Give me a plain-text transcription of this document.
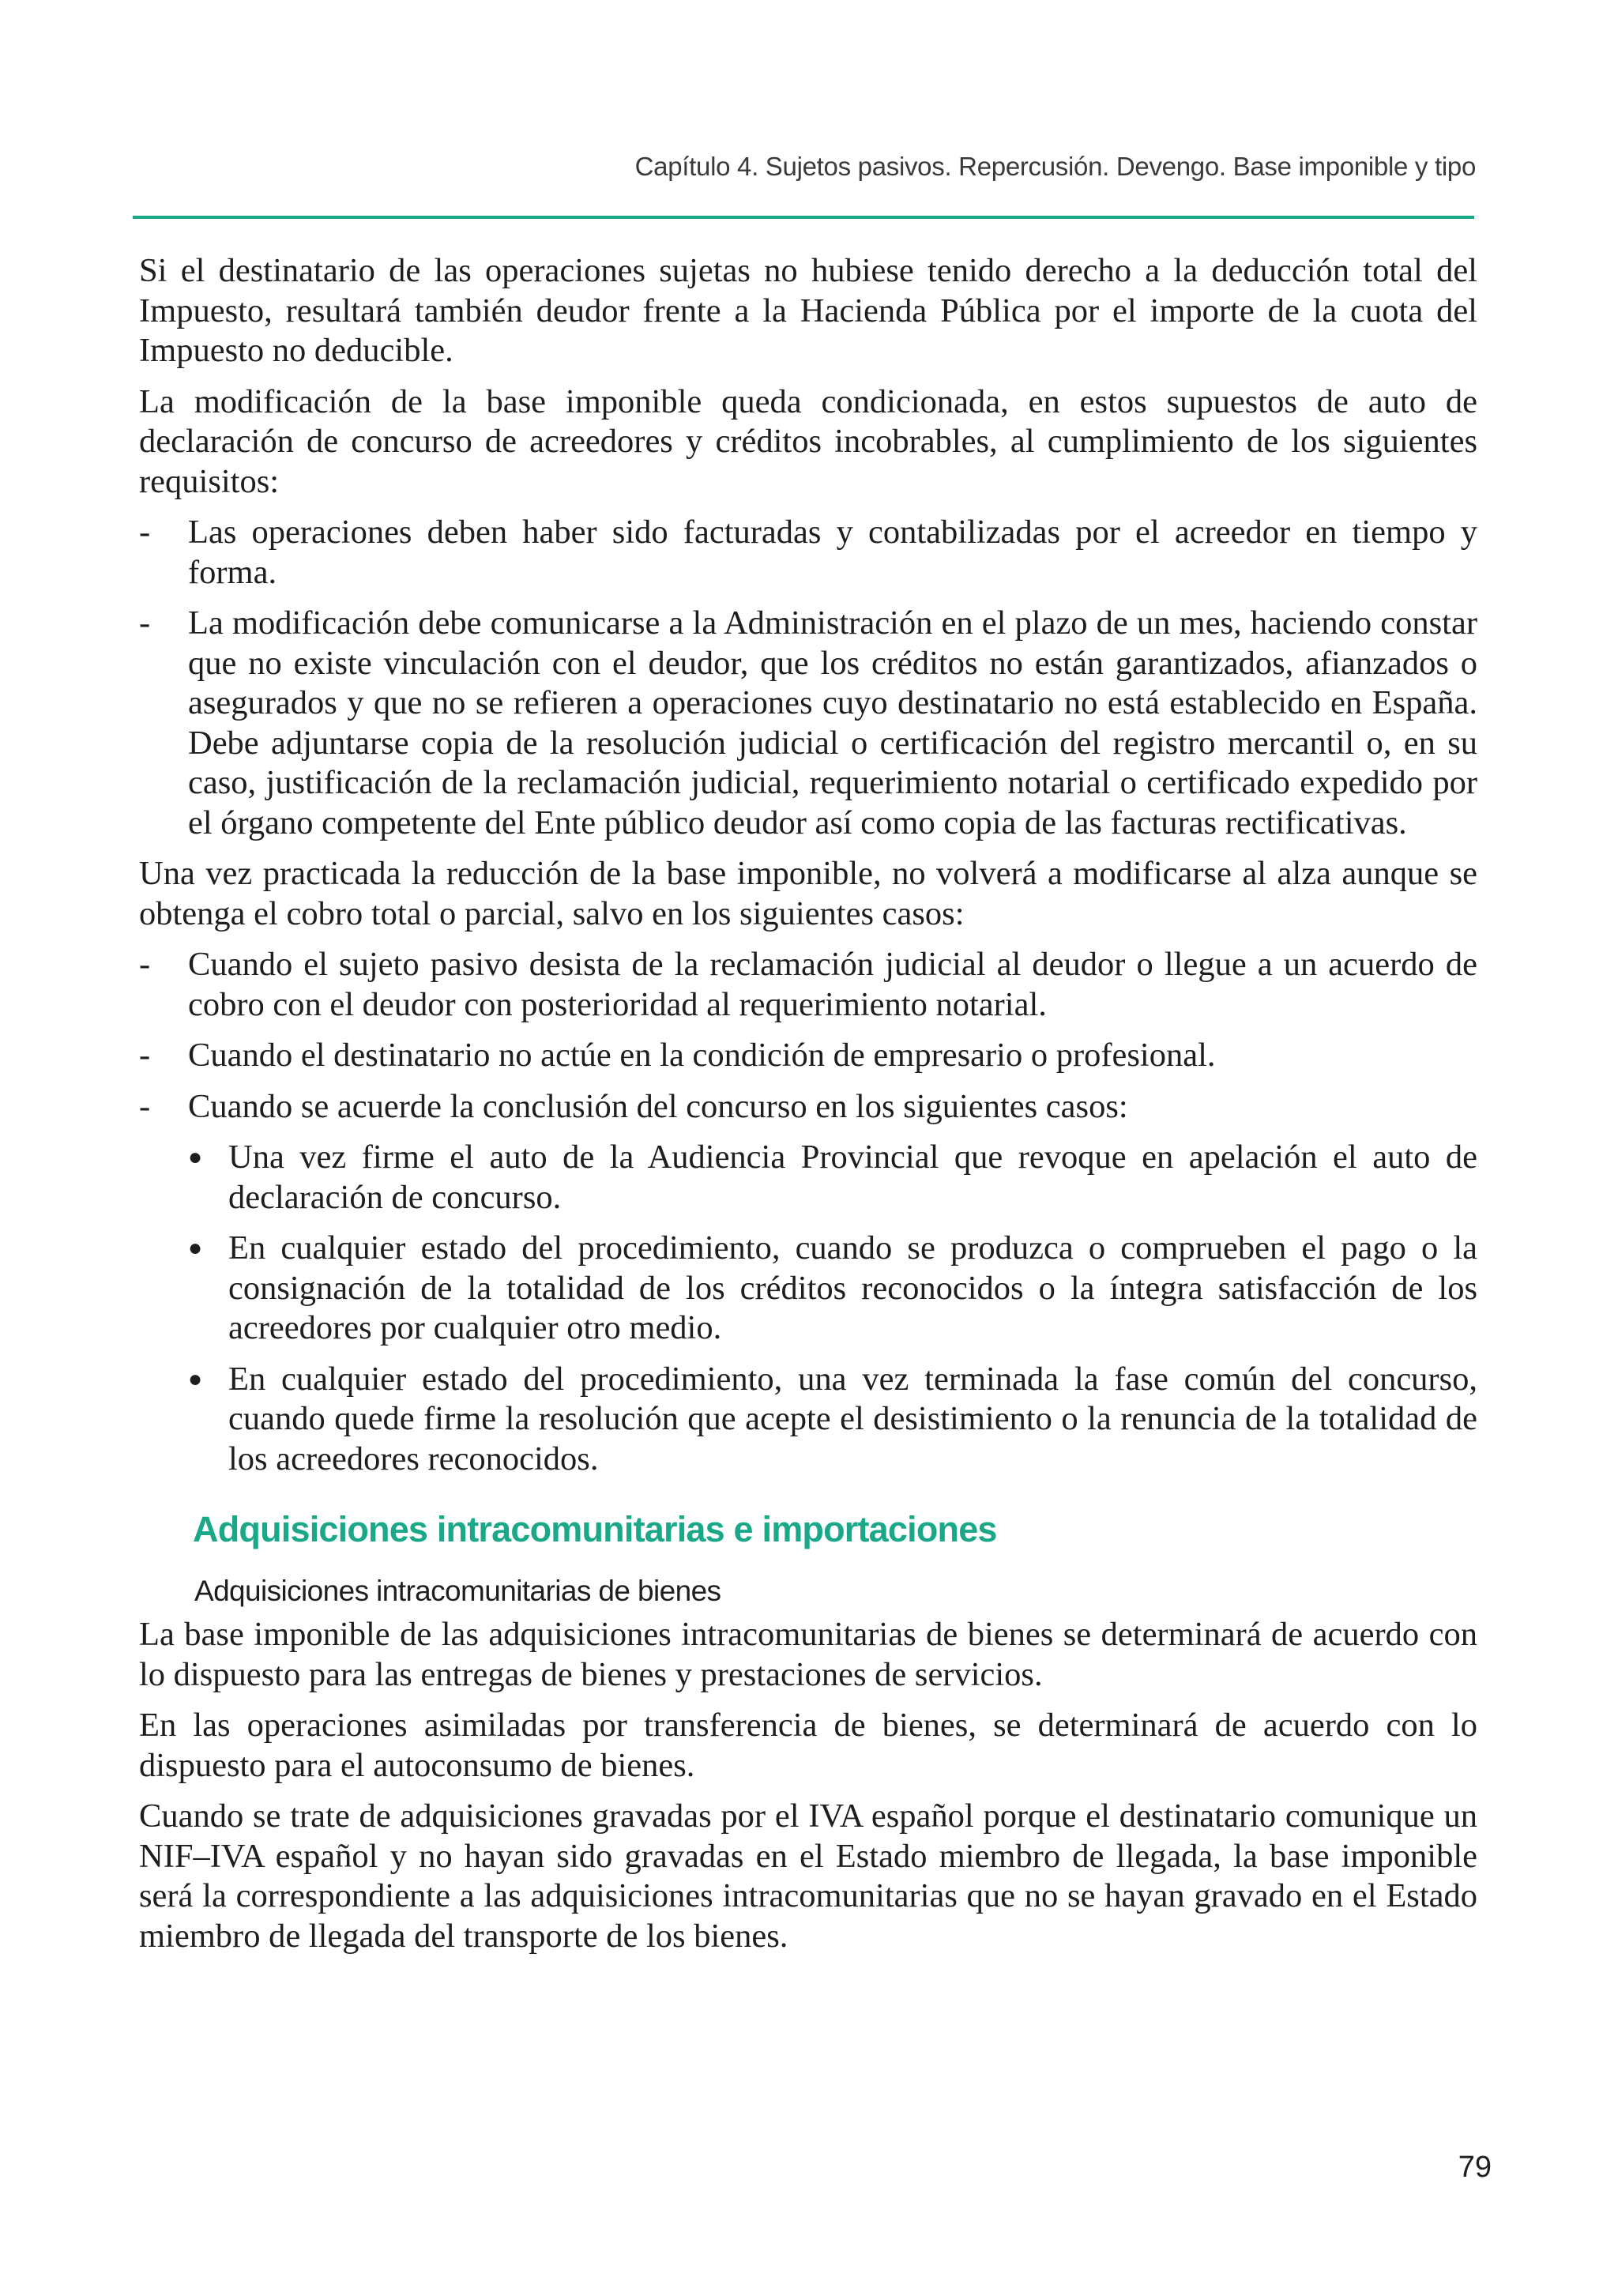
Capítulo 4. Sujetos pasivos. Repercusión. Devengo. Base imponible y tipo

Si el destinatario de las operaciones sujetas no hubiese tenido derecho a la deducción total del Impuesto, resultará también deudor frente a la Hacienda Pública por el importe de la cuota del Impuesto no deducible.

La modificación de la base imponible queda condicionada, en estos supuestos de auto de declaración de concurso de acreedores y créditos incobrables, al cumplimiento de los siguientes requisitos:

- Las operaciones deben haber sido facturadas y contabilizadas por el acreedor en tiempo y forma.
- La modificación debe comunicarse a la Administración en el plazo de un mes, haciendo constar que no existe vinculación con el deudor, que los créditos no están garantizados, afianzados o asegurados y que no se refieren a operaciones cuyo destinatario no está establecido en España. Debe adjuntarse copia de la resolución judicial o certificación del registro mercantil o, en su caso, justificación de la reclamación judicial, requerimiento notarial o certificado expedido por el órgano competente del Ente público deudor así como copia de las facturas rectificativas.

Una vez practicada la reducción de la base imponible, no volverá a modificarse al alza aunque se obtenga el cobro total o parcial, salvo en los siguientes casos:

- Cuando el sujeto pasivo desista de la reclamación judicial al deudor o llegue a un acuerdo de cobro con el deudor con posterioridad al requerimiento notarial.
- Cuando el destinatario no actúe en la condición de empresario o profesional.
- Cuando se acuerde la conclusión del concurso en los siguientes casos:
● Una vez firme el auto de la Audiencia Provincial que revoque en apelación el auto de declaración de concurso.
● En cualquier estado del procedimiento, cuando se produzca o comprueben el pago o la consignación de la totalidad de los créditos reconocidos o la íntegra satisfacción de los acreedores por cualquier otro medio.
● En cualquier estado del procedimiento, una vez terminada la fase común del concurso, cuando quede firme la resolución que acepte el desistimiento o la renuncia de la totalidad de los acreedores reconocidos.
Adquisiciones intracomunitarias e importaciones
Adquisiciones intracomunitarias de bienes

La base imponible de las adquisiciones intracomunitarias de bienes se determinará de acuerdo con lo dispuesto para las entregas de bienes y prestaciones de servicios.

En las operaciones asimiladas por transferencia de bienes, se determinará de acuerdo con lo dispuesto para el autoconsumo de bienes.

Cuando se trate de adquisiciones gravadas por el IVA español porque el destinatario comunique un NIF–IVA español y no hayan sido gravadas en el Estado miembro de llegada, la base imponible será la correspondiente a las adquisiciones intracomunitarias que no se hayan gravado en el Estado miembro de llegada del transporte de los bienes.

79
